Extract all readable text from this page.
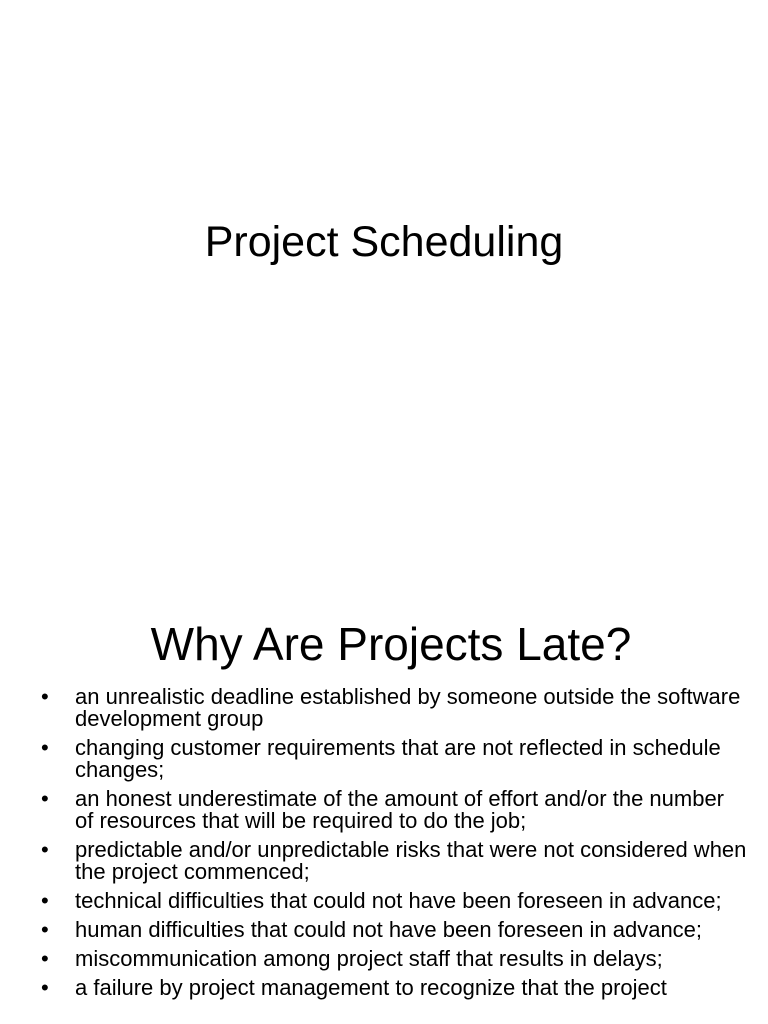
Project Scheduling
Why Are Projects Late?
• an unrealistic deadline established by someone outside the software development group
• changing customer requirements that are not reflected in schedule changes;
• an honest underestimate of the amount of effort and/or the number of resources that will be required to do the job;
• predictable and/or unpredictable risks that were not considered when the project commenced;
• technical difficulties that could not have been foreseen in advance;
• human difficulties that could not have been foreseen in advance;
• miscommunication among project staff that results in delays;
• a failure by project management to recognize that the project
